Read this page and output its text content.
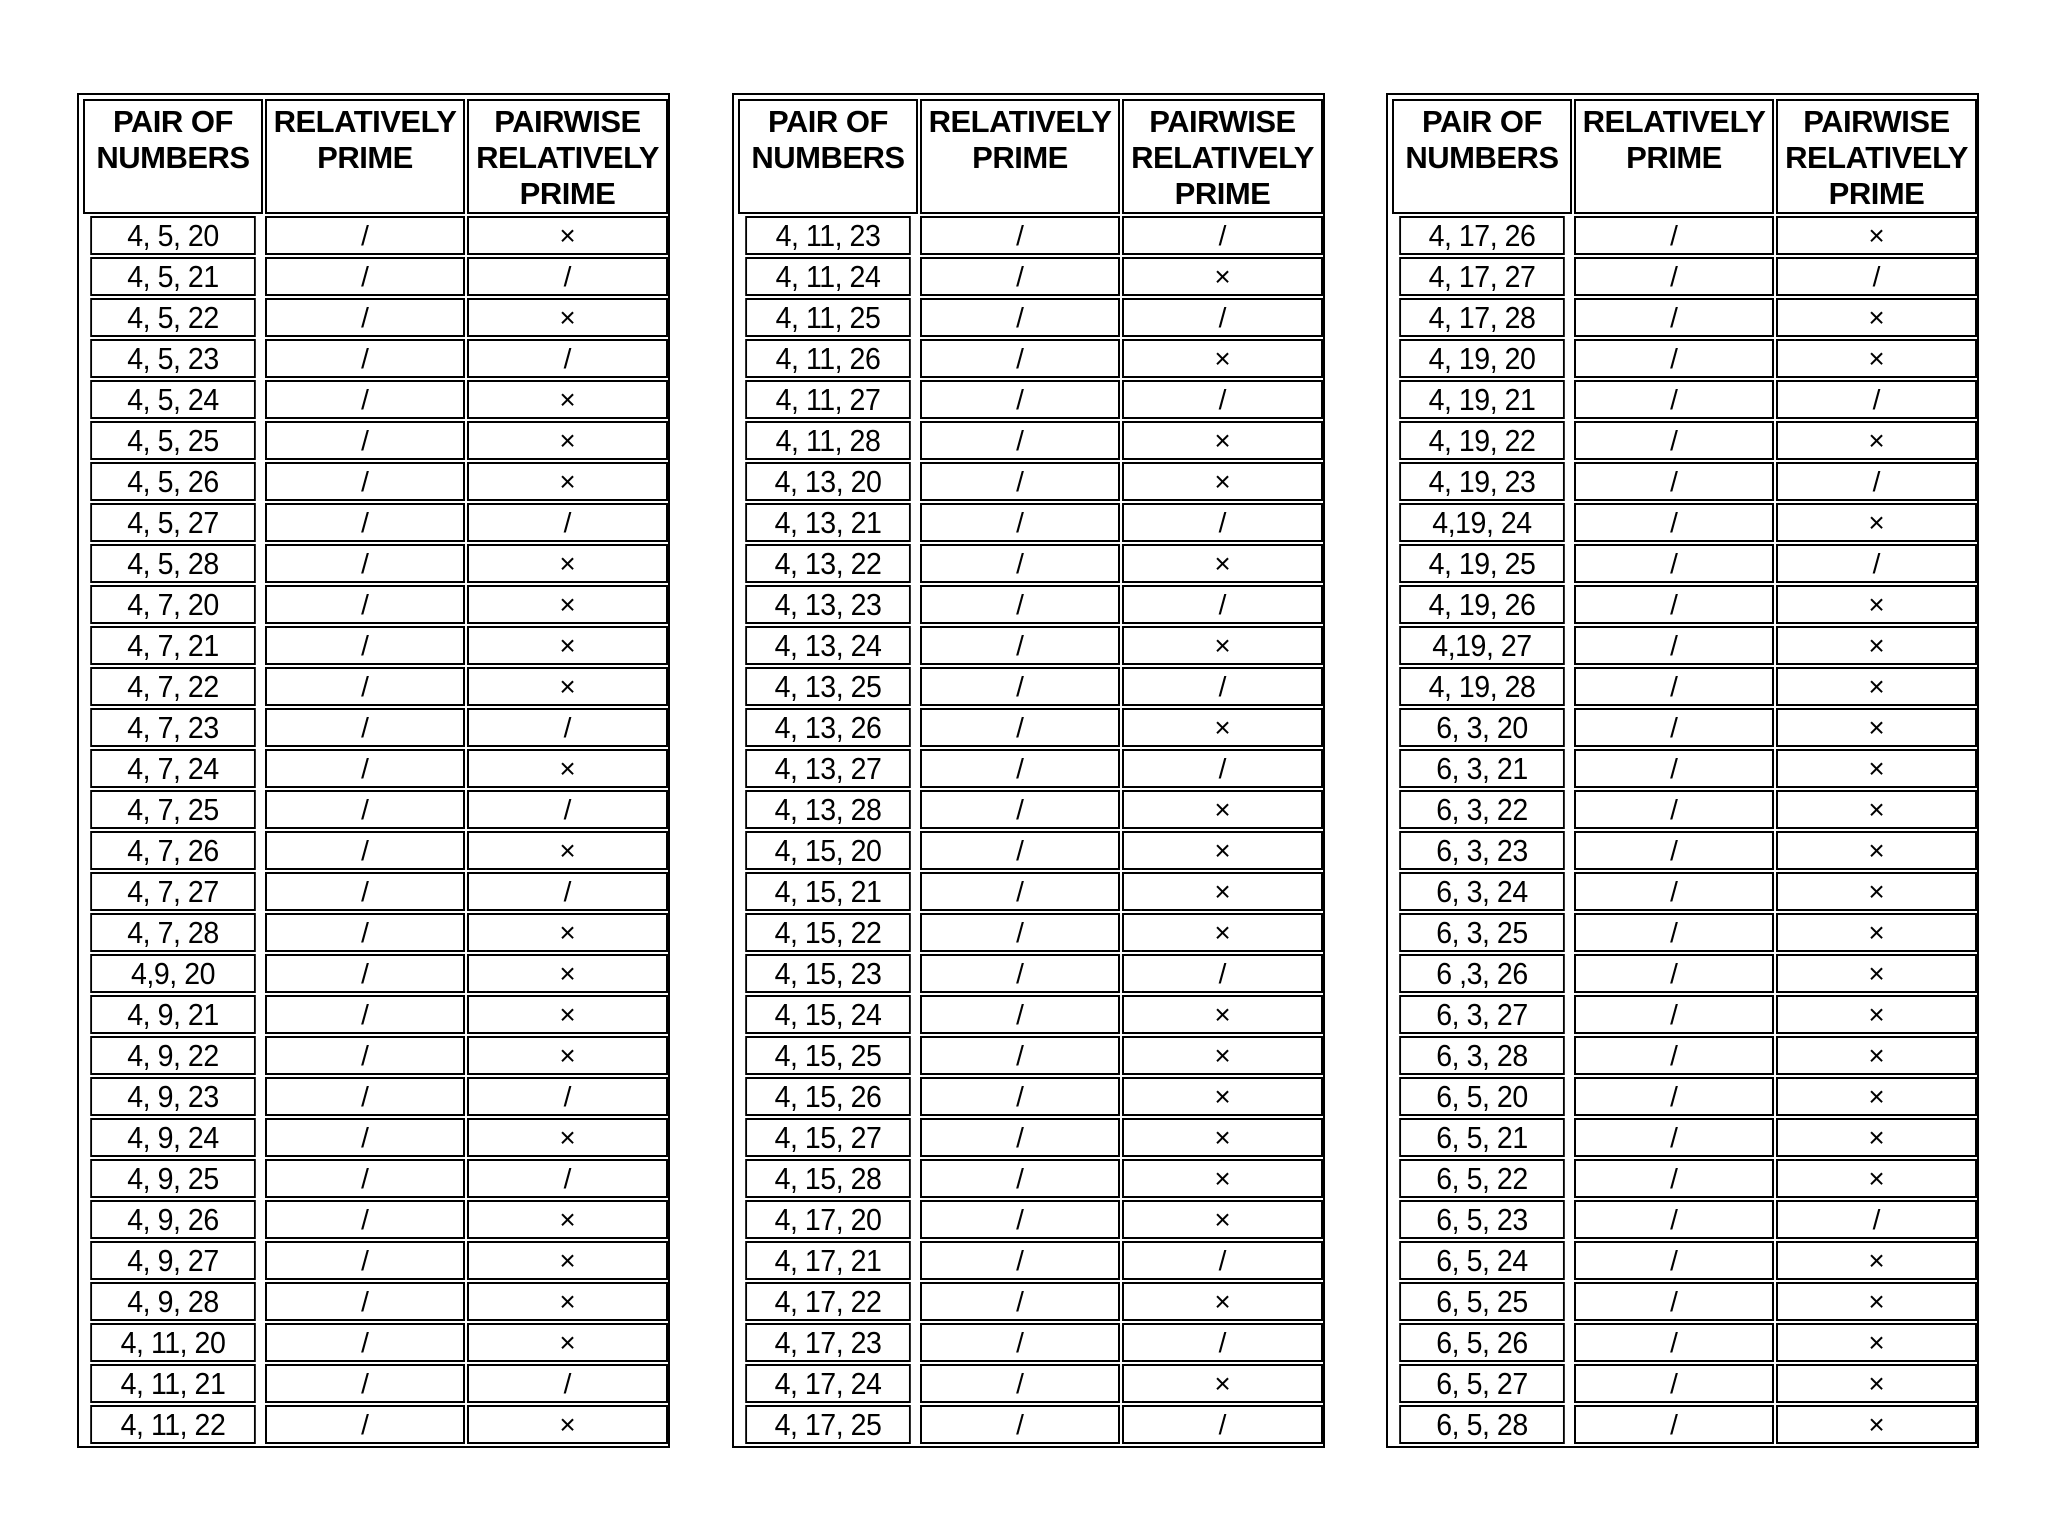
PAIR OF NUMBERS	RELATIVELY PRIME	PAIRWISE RELATIVELY PRIME
4, 5, 20	/	×
4, 5, 21	/	/
4, 5, 22	/	×
4, 5, 23	/	/
4, 5, 24	/	×
4, 5, 25	/	×
4, 5, 26	/	×
4, 5, 27	/	/
4, 5, 28	/	×
4, 7, 20	/	×
4, 7, 21	/	×
4, 7, 22	/	×
4, 7, 23	/	/
4, 7, 24	/	×
4, 7, 25	/	/
4, 7, 26	/	×
4, 7, 27	/	/
4, 7, 28	/	×
4,9, 20	/	×
4, 9, 21	/	×
4, 9, 22	/	×
4, 9, 23	/	/
4, 9, 24	/	×
4, 9, 25	/	/
4, 9, 26	/	×
4, 9, 27	/	×
4, 9, 28	/	×
4, 11, 20	/	×
4, 11, 21	/	/
4, 11, 22	/	×
PAIR OF NUMBERS	RELATIVELY PRIME	PAIRWISE RELATIVELY PRIME
4, 11, 23	/	/
4, 11, 24	/	×
4, 11, 25	/	/
4, 11, 26	/	×
4, 11, 27	/	/
4, 11, 28	/	×
4, 13, 20	/	×
4, 13, 21	/	/
4, 13, 22	/	×
4, 13, 23	/	/
4, 13, 24	/	×
4, 13, 25	/	/
4, 13, 26	/	×
4, 13, 27	/	/
4, 13, 28	/	×
4, 15, 20	/	×
4, 15, 21	/	×
4, 15, 22	/	×
4, 15, 23	/	/
4, 15, 24	/	×
4, 15, 25	/	×
4, 15, 26	/	×
4, 15, 27	/	×
4, 15, 28	/	×
4, 17, 20	/	×
4, 17, 21	/	/
4, 17, 22	/	×
4, 17, 23	/	/
4, 17, 24	/	×
4, 17, 25	/	/
PAIR OF NUMBERS	RELATIVELY PRIME	PAIRWISE RELATIVELY PRIME
4, 17, 26	/	×
4, 17, 27	/	/
4, 17, 28	/	×
4, 19, 20	/	×
4, 19, 21	/	/
4, 19, 22	/	×
4, 19, 23	/	/
4,19, 24	/	×
4, 19, 25	/	/
4, 19, 26	/	×
4,19, 27	/	×
4, 19, 28	/	×
6, 3, 20	/	×
6, 3, 21	/	×
6, 3, 22	/	×
6, 3, 23	/	×
6, 3, 24	/	×
6, 3, 25	/	×
6 ,3, 26	/	×
6, 3, 27	/	×
6, 3, 28	/	×
6, 5, 20	/	×
6, 5, 21	/	×
6, 5, 22	/	×
6, 5, 23	/	/
6, 5, 24	/	×
6, 5, 25	/	×
6, 5, 26	/	×
6, 5, 27	/	×
6, 5, 28	/	×
